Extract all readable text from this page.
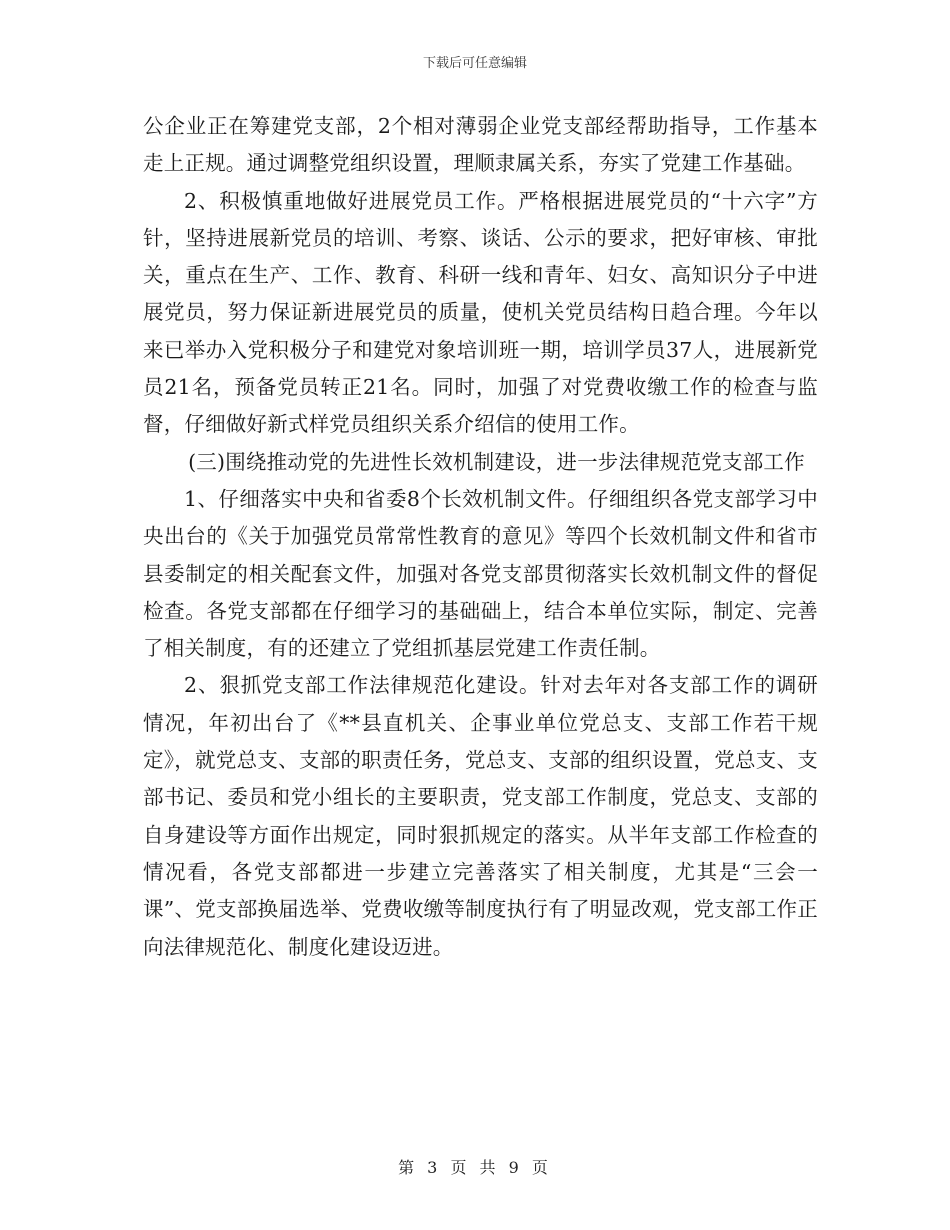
下载后可任意编辑

公企业正在筹建党支部，2个相对薄弱企业党支部经帮助指导，工作基本走上正规。通过调整党组织设置，理顺隶属关系，夯实了党建工作基础。

2、积极慎重地做好进展党员工作。严格根据进展党员的“十六字”方针，坚持进展新党员的培训、考察、谈话、公示的要求，把好审核、审批关，重点在生产、工作、教育、科研一线和青年、妇女、高知识分子中进展党员，努力保证新进展党员的质量，使机关党员结构日趋合理。今年以来已举办入党积极分子和建党对象培训班一期，培训学员37人，进展新党员21名，预备党员转正21名。同时，加强了对党费收缴工作的检查与监督，仔细做好新式样党员组织关系介绍信的使用工作。

(三)围绕推动党的先进性长效机制建设，进一步法律规范党支部工作

1、仔细落实中央和省委8个长效机制文件。仔细组织各党支部学习中央出台的《关于加强党员常常性教育的意见》等四个长效机制文件和省市县委制定的相关配套文件，加强对各党支部贯彻落实长效机制文件的督促检查。各党支部都在仔细学习的基础础上，结合本单位实际，制定、完善了相关制度，有的还建立了党组抓基层党建工作责任制。

2、狠抓党支部工作法律规范化建设。针对去年对各支部工作的调研情况，年初出台了《**县直机关、企事业单位党总支、支部工作若干规定》，就党总支、支部的职责任务，党总支、支部的组织设置，党总支、支部书记、委员和党小组长的主要职责，党支部工作制度，党总支、支部的自身建设等方面作出规定，同时狠抓规定的落实。从半年支部工作检查的情况看，各党支部都进一步建立完善落实了相关制度，尤其是“三会一课”、党支部换届选举、党费收缴等制度执行有了明显改观，党支部工作正向法律规范化、制度化建设迈进。

第 3 页 共 9 页
